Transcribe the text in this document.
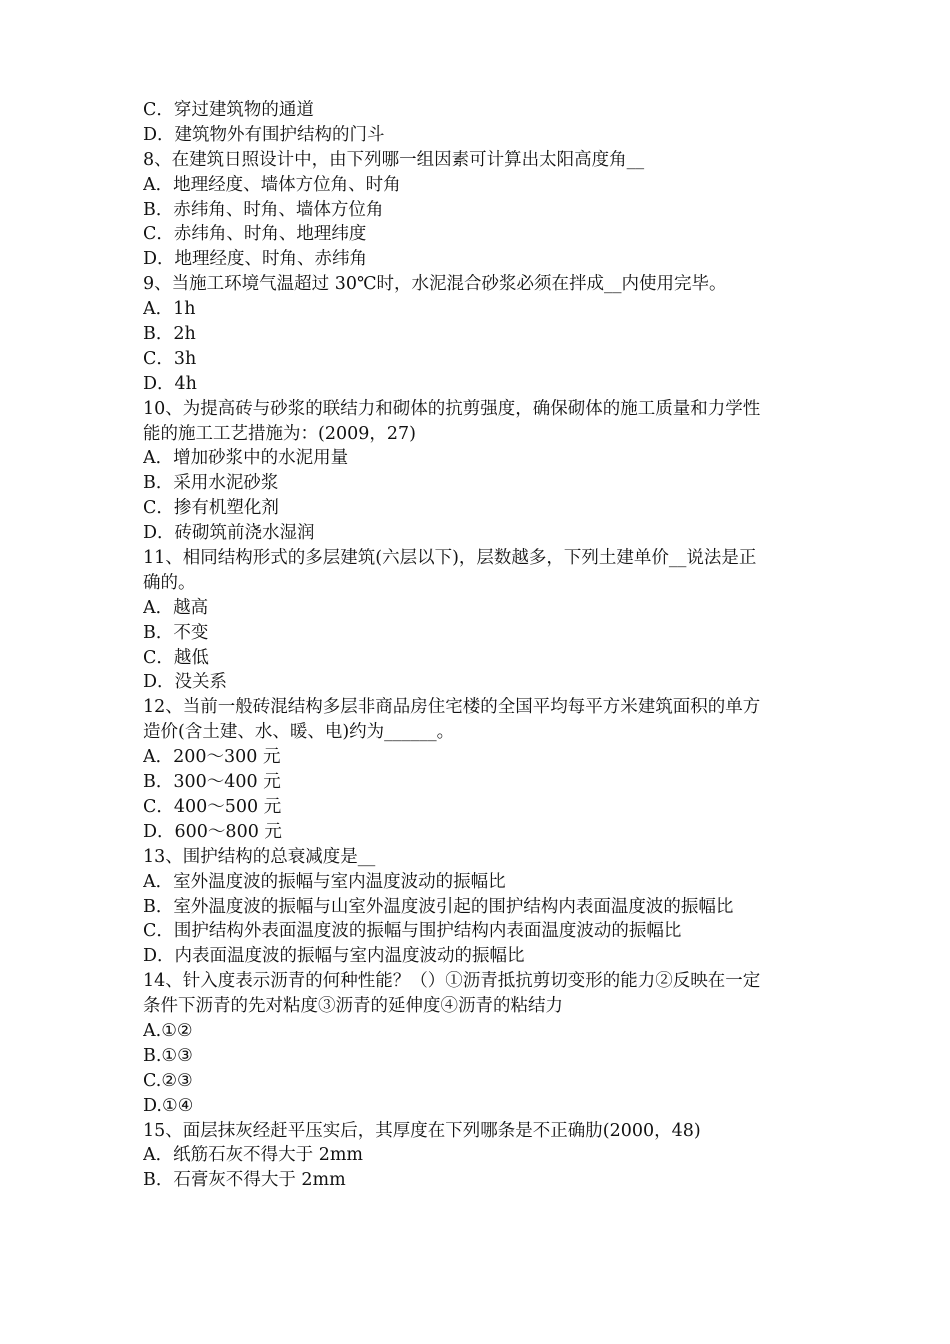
C．穿过建筑物的通道
D．建筑物外有围护结构的门斗
8、在建筑日照设计中，由下列哪一组因素可计算出太阳高度角__
A．地理经度、墙体方位角、时角
B．赤纬角、时角、墙体方位角
C．赤纬角、时角、地理纬度
D．地理经度、时角、赤纬角
9、当施工环境气温超过 30℃时，水泥混合砂浆必须在拌成__内使用完毕。
A．1h
B．2h
C．3h
D．4h
10、为提高砖与砂浆的联结力和砌体的抗剪强度，确保砌体的施工质量和力学性
能的施工工艺措施为：(2009，27)
A．增加砂浆中的水泥用量
B．采用水泥砂浆
C．掺有机塑化剂
D．砖砌筑前浇水湿润
11、相同结构形式的多层建筑(六层以下)，层数越多，下列土建单价__说法是正
确的。
A．越高
B．不变
C．越低
D．没关系
12、当前一般砖混结构多层非商品房住宅楼的全国平均每平方米建筑面积的单方
造价(含土建、水、暖、电)约为______。
A．200～300 元
B．300～400 元
C．400～500 元
D．600～800 元
13、围护结构的总衰减度是__
A．室外温度波的振幅与室内温度波动的振幅比
B．室外温度波的振幅与山室外温度波引起的围护结构内表面温度波的振幅比
C．围护结构外表面温度波的振幅与围护结构内表面温度波动的振幅比
D．内表面温度波的振幅与室内温度波动的振幅比
14、针入度表示沥青的何种性能？（）①沥青抵抗剪切变形的能力②反映在一定
条件下沥青的先对粘度③沥青的延伸度④沥青的粘结力
A.①②
B.①③
C.②③
D.①④
15、面层抹灰经赶平压实后，其厚度在下列哪条是不正确肋(2000，48)
A．纸筋石灰不得大于 2mm
B．石膏灰不得大于 2mm
